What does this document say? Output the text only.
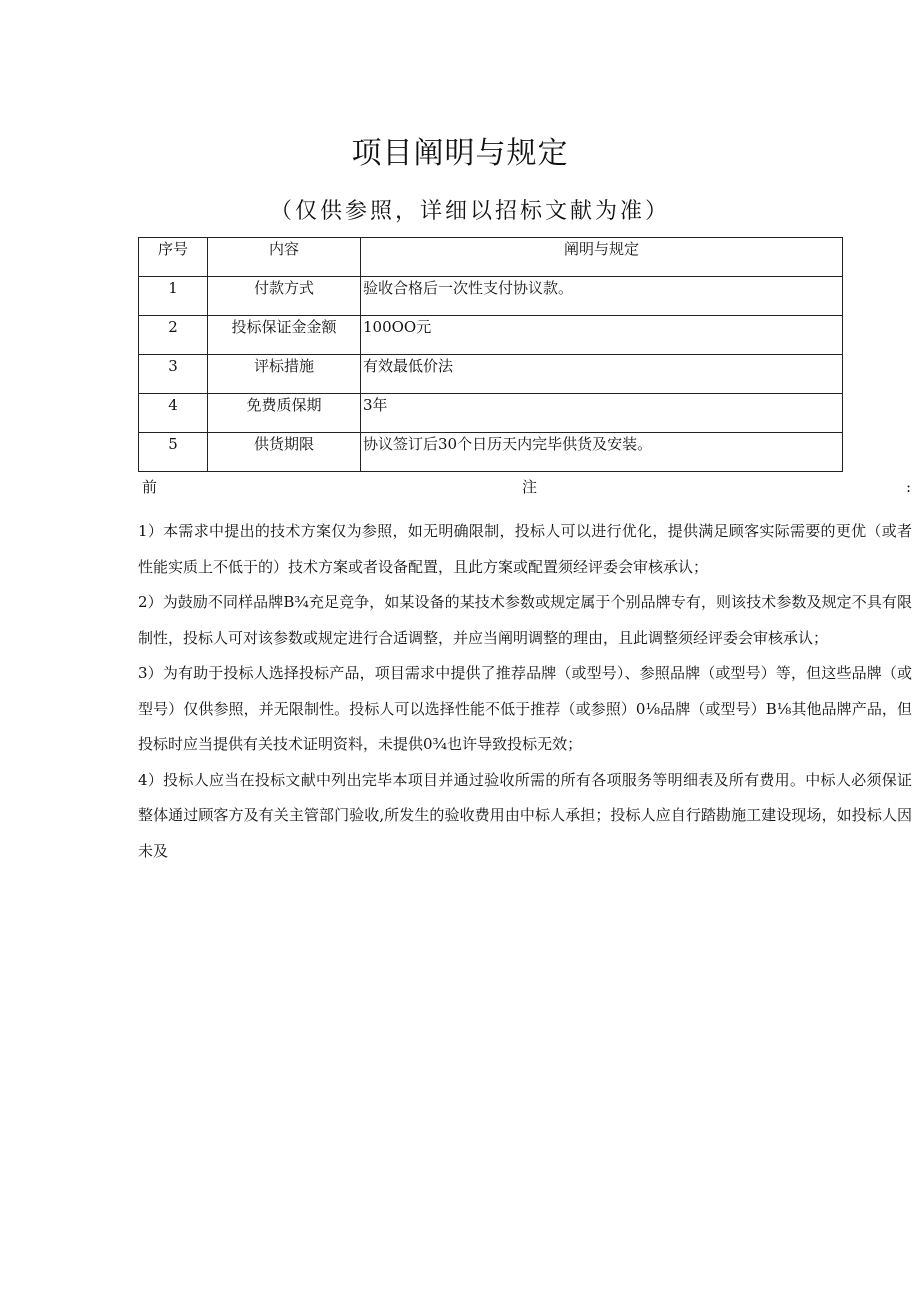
项目阐明与规定
（仅供参照，详细以招标文献为准）
序号	内容	阐明与规定
1	付款方式	验收合格后一次性支付协议款。
2	投标保证金金额	100OO元
3	评标措施	有效最低价法
4	免费质保期	3年
5	供货期限	协议签订后30个日历天内完毕供货及安装。
前	注	:

1）本需求中提出的技术方案仅为参照，如无明确限制，投标人可以进行优化，提供满足顾客实际需要的更优（或者性能实质上不低于的）技术方案或者设备配置，且此方案或配置须经评委会审核承认；

2）为鼓励不同样品牌B¾充足竞争，如某设备的某技术参数或规定属于个别品牌专有，则该技术参数及规定不具有限制性，投标人可对该参数或规定进行合适调整，并应当阐明调整的理由，且此调整须经评委会审核承认；

3）为有助于投标人选择投标产品，项目需求中提供了推荐品牌（或型号）、参照品牌（或型号）等，但这些品牌（或型号）仅供参照，并无限制性。投标人可以选择性能不低于推荐（或参照）0⅛品牌（或型号）B⅛其他品牌产品，但投标时应当提供有关技术证明资料，未提供0¾也许导致投标无效；

4）投标人应当在投标文献中列出完毕本项目并通过验收所需的所有各项服务等明细表及所有费用。中标人必须保证整体通过顾客方及有关主管部门验收,所发生的验收费用由中标人承担；投标人应自行踏勘施工建设现场，如投标人因未及
